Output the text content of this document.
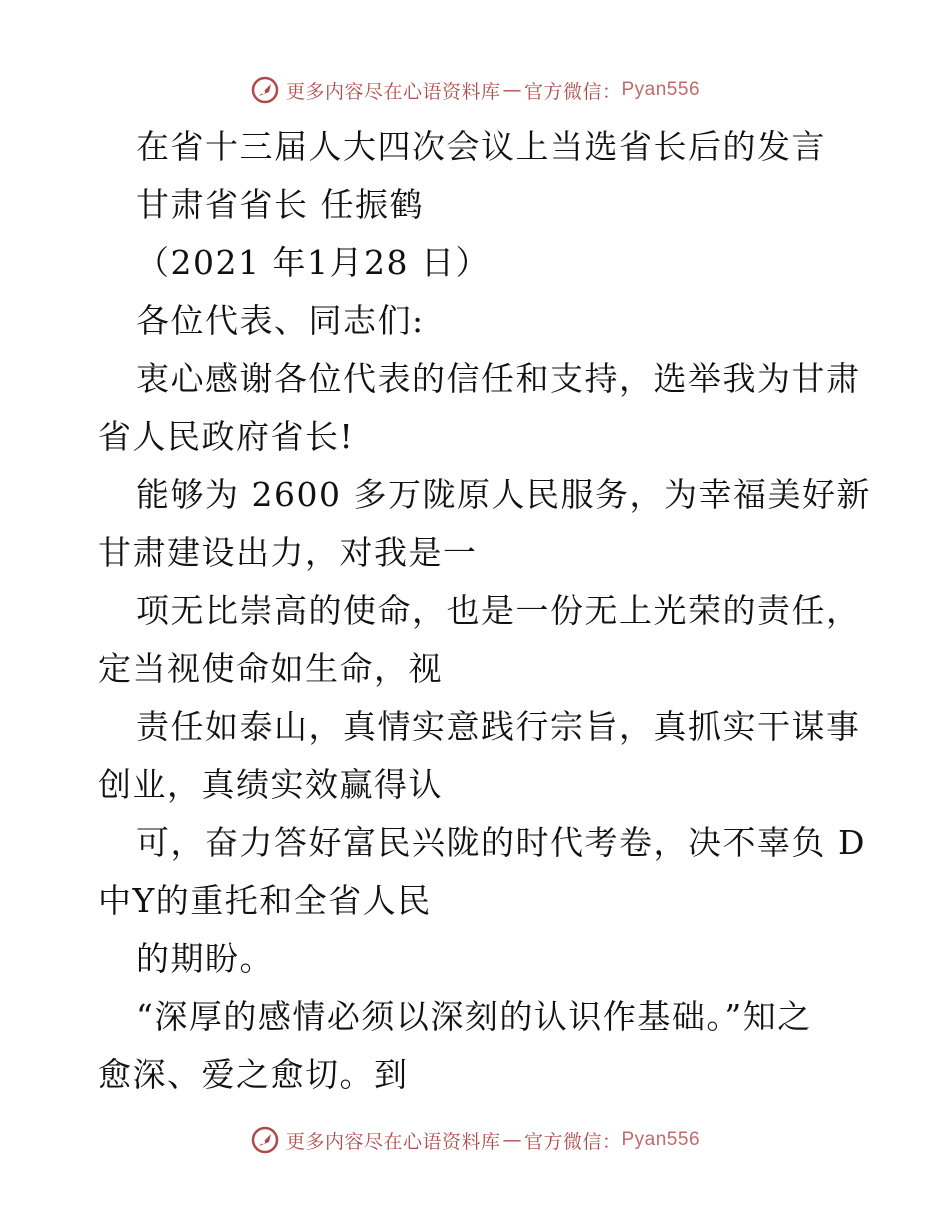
更多内容尽在心语资料库 — 官方微信： Pyan556
在省十三届人大四次会议上当选省长后的发言
甘肃省省长 任振鹤
（2021 年1月28 日）
各位代表、同志们:
衷心感谢各位代表的信任和支持，选举我为甘肃
省人民政府省长!
能够为 2600 多万陇原人民服务，为幸福美好新
甘肃建设出力，对我是一
项无比崇高的使命，也是一份无上光荣的责任，
定当视使命如生命，视
责任如泰山，真情实意践行宗旨，真抓实干谋事
创业，真绩实效赢得认
可，奋力答好富民兴陇的时代考卷，决不辜负 D
中Y的重托和全省人民
的期盼。
“深厚的感情必须以深刻的认识作基础。”知之
愈深、爱之愈切。到
更多内容尽在心语资料库 — 官方微信： Pyan556
